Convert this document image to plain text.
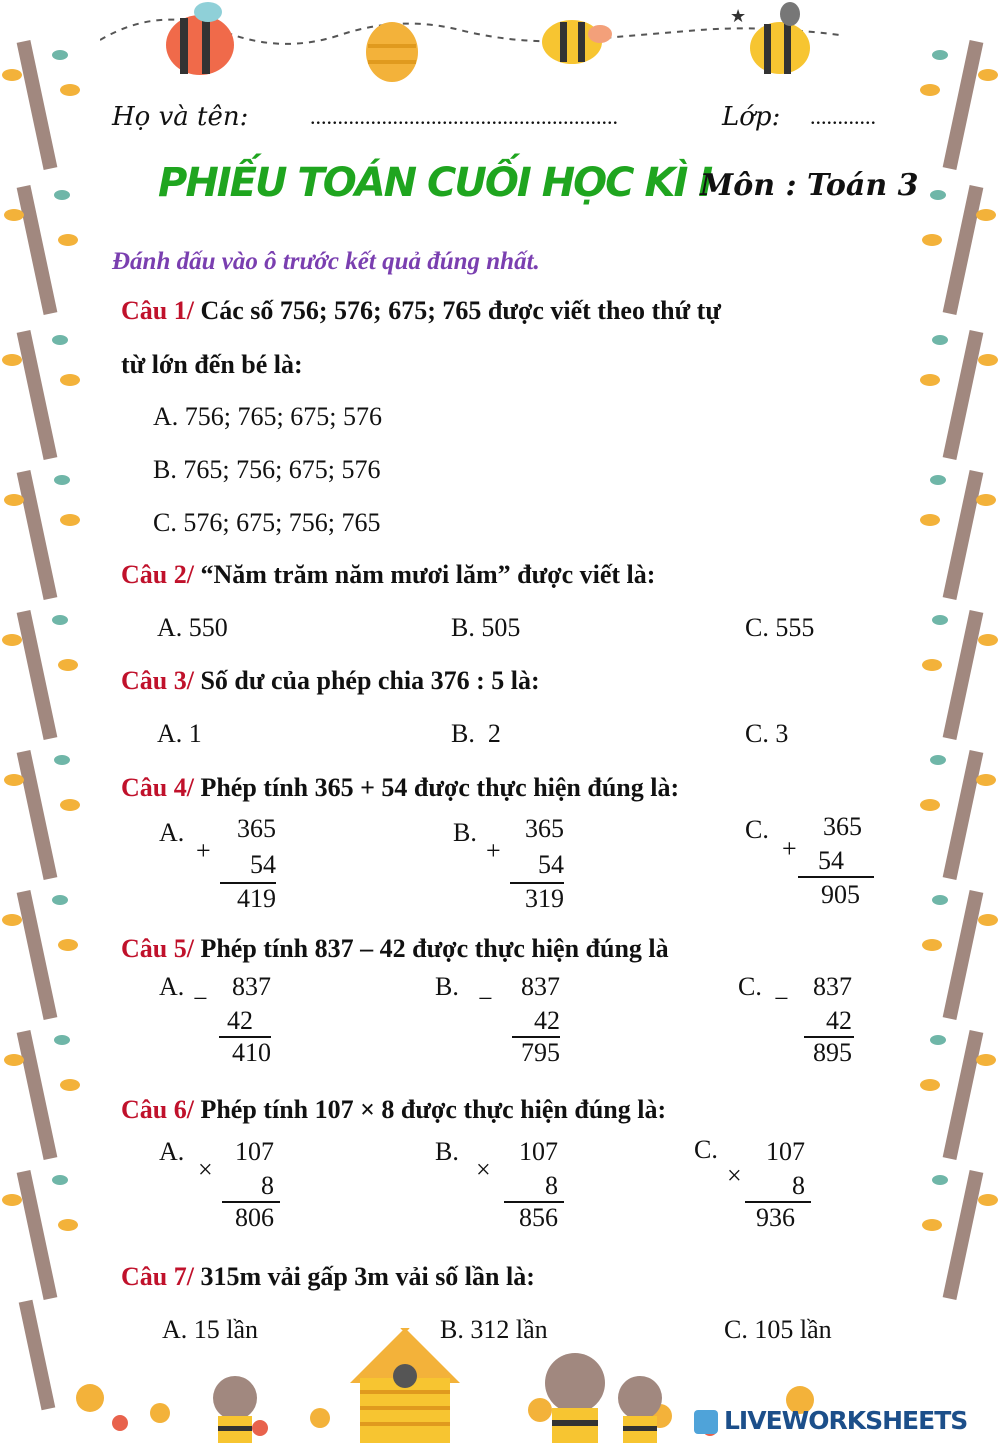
★
Họ và tên:	........................................................	Lớp: ............
PHIẾU TOÁN CUỐI HỌC KÌ I
Môn : Toán 3
Đánh dấu vào ô trước kết quả đúng nhất.
Câu 1/ Các số 756; 576; 675; 765 được viết theo thứ tự
từ lớn đến bé là:
A. 756; 765; 675; 576
B. 765; 756; 675; 576
C. 576; 675; 756; 765
Câu 2/ “Năm trăm năm mươi lăm” được viết là:
A. 550	B. 505	C. 555
Câu 3/ Số dư của phép chia 376 : 5 là:
A. 1	B.  2	C. 3
Câu 4/ Phép tính 365 + 54 được thực hiện đúng là:
A.
+
365
54
419
B.
+
365
54
319
C.
+
365
54
905
Câu 5/ Phép tính 837 – 42 được thực hiện đúng là
A. − 837
42
410
B. − 837
42
795
C. − 837
42
895
Câu 6/ Phép tính 107 × 8 được thực hiện đúng là:
A.
×
107
8
806
B.
×
107
8
856
C.
×
107
8
936
Câu 7/ 315m vải gấp 3m vải số lần là:
A. 15 lần	B. 312 lần	C. 105 lần
LIVEWORKSHEETS
